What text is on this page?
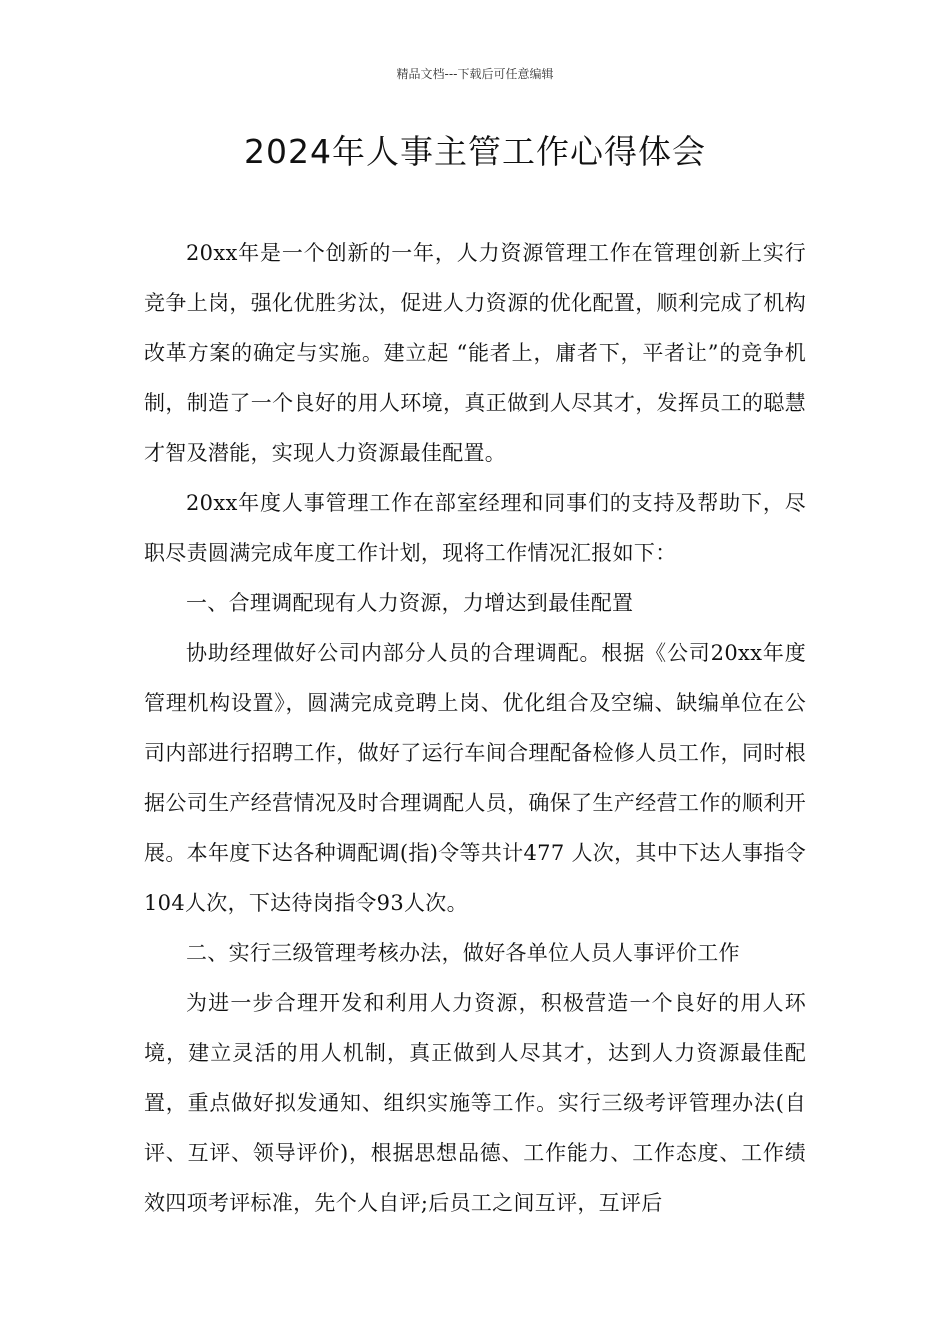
精品文档---下载后可任意编辑
2024年人事主管工作心得体会

20xx年是一个创新的一年，人力资源管理工作在管理创新上实行竞争上岗，强化优胜劣汰，促进人力资源的优化配置，顺利完成了机构改革方案的确定与实施。建立起 “能者上，庸者下，平者让”的竞争机制，制造了一个良好的用人环境，真正做到人尽其才，发挥员工的聪慧才智及潜能，实现人力资源最佳配置。

20xx年度人事管理工作在部室经理和同事们的支持及帮助下，尽职尽责圆满完成年度工作计划，现将工作情况汇报如下：

一、合理调配现有人力资源，力增达到最佳配置

协助经理做好公司内部分人员的合理调配。根据《公司20xx年度管理机构设置》，圆满完成竞聘上岗、优化组合及空编、缺编单位在公司内部进行招聘工作，做好了运行车间合理配备检修人员工作，同时根据公司生产经营情况及时合理调配人员，确保了生产经营工作的顺利开展。本年度下达各种调配调(指)令等共计477 人次，其中下达人事指令104人次，下达待岗指令93人次。

二、实行三级管理考核办法，做好各单位人员人事评价工作

为进一步合理开发和利用人力资源，积极营造一个良好的用人环境，建立灵活的用人机制，真正做到人尽其才，达到人力资源最佳配置，重点做好拟发通知、组织实施等工作。实行三级考评管理办法(自评、互评、领导评价)，根据思想品德、工作能力、工作态度、工作绩效四项考评标准，先个人自评;后员工之间互评，互评后
